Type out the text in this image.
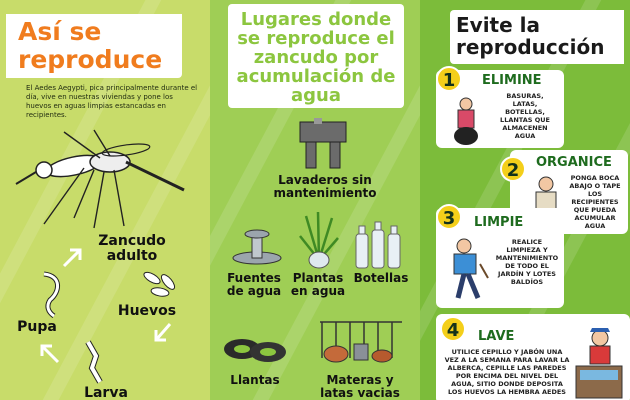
Así se reproduce
El Aedes Aegypti, pica principalmente durante el día, vive en nuestras viviendas y pone los huevos en aguas limpias estancadas en recipientes.
Zancudo adulto
Huevos
Larva
Pupa
Lugares donde se reproduce el zancudo por acumulación de agua
Lavaderos sin mantenimiento
Fuentes de agua
Plantas en agua
Botellas
Llantas	Materas y latas vacias
Evite la reproducción
1	ELIMINE
BASURAS, LATAS, BOTELLAS, LLANTAS QUE ALMACENEN AGUA
2	ORGANICE
PONGA BOCA ABAJO O TAPE LOS RECIPIENTES QUE PUEDA ACUMULAR AGUA
3	LIMPIE
REALICE LIMPIEZA Y MANTENIMIENTO DE TODO EL JARDÍN Y LOTES BALDÍOS
4	LAVE
UTILICE CEPILLO Y JABÓN UNA VEZ A LA SEMANA PARA LAVAR LA ALBERCA, CEPILLE LAS PAREDES POR ENCIMA DEL NIVEL DEL AGUA, SITIO DONDE DEPOSITA LOS HUEVOS LA HEMBRA AEDES
